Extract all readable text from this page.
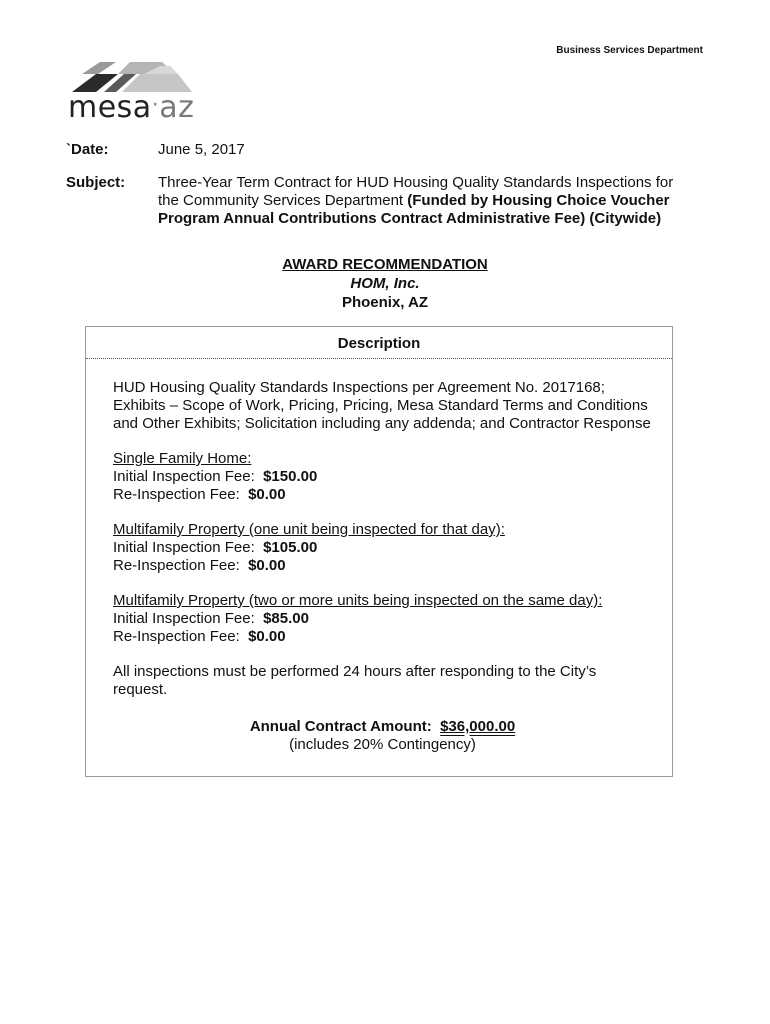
Business Services Department
mesa·az
`Date:	June 5, 2017
Subject: Three-Year Term Contract for HUD Housing Quality Standards Inspections for the Community Services Department (Funded by Housing Choice Voucher Program Annual Contributions Contract Administrative Fee) (Citywide)
AWARD RECOMMENDATION
HOM, Inc.
Phoenix, AZ
Description

HUD Housing Quality Standards Inspections per Agreement No. 2017168; Exhibits – Scope of Work, Pricing, Pricing, Mesa Standard Terms and Conditions and Other Exhibits; Solicitation including any addenda; and Contractor Response

Single Family Home:
Initial Inspection Fee: $150.00
Re-Inspection Fee: $0.00
Multifamily Property (one unit being inspected for that day):
Initial Inspection Fee: $105.00
Re-Inspection Fee: $0.00
Multifamily Property (two or more units being inspected on the same day):
Initial Inspection Fee: $85.00
Re-Inspection Fee: $0.00

All inspections must be performed 24 hours after responding to the City’s request.

Annual Contract Amount: $36,000.00
(includes 20% Contingency)
